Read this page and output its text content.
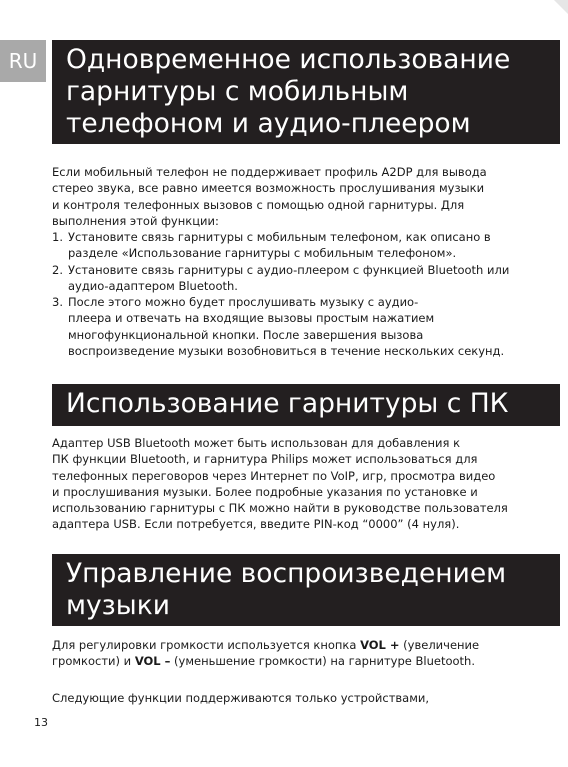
RU	Одновременное использование
гарнитуры с мобильным
телефоном и аудио-плеером

Если мобильный телефон не поддерживает профиль A2DP для вывода
стерео звука, все равно имеется возможность прослушивания музыки
и контроля телефонных вызовов с помощью одной гарнитуры. Для
выполнения этой функции:

1. Установите связь гарнитуры с мобильным телефоном, как описано в
разделе «Использование гарнитуры с мобильным телефоном».
2. Установите связь гарнитуры с аудио-плеером с функцией Bluetooth или
аудио-адаптером Bluetooth.
3. После этого можно будет прослушивать музыку с аудио-
плеера и отвечать на входящие вызовы простым нажатием
многофункциональной кнопки. После завершения вызова
воспроизведение музыки возобновиться в течение нескольких секунд.
Использование гарнитуры с ПК

Адаптер USB Bluetooth может быть использован для добавления к
ПК функции Bluetooth, и гарнитура Philips может использоваться для
телефонных переговоров через Интернет по VoIP, игр, просмотра видео
и прослушивания музыки. Более подробные указания по установке и
использованию гарнитуры с ПК можно найти в руководстве пользователя
адаптера USB. Если потребуется, введите PIN-код “0000” (4 нуля).

Управление воспроизведением
музыки

Для регулировки громкости используется кнопка VOL + (увеличение
громкости) и VOL – (уменьшение громкости) на гарнитуре Bluetooth.

Следующие функции поддерживаются только устройствами,

13
